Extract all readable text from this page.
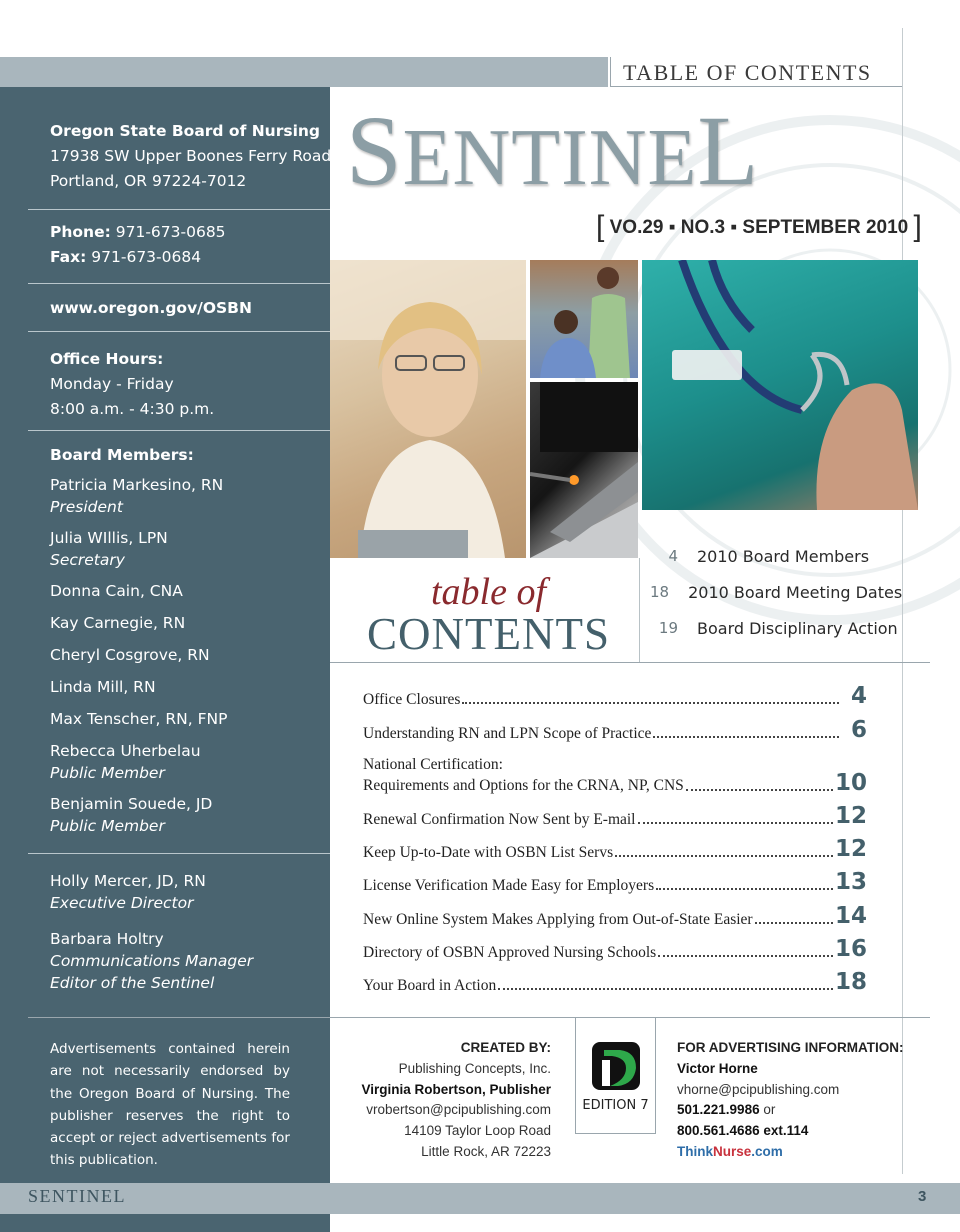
TABLE OF CONTENTS
Oregon State Board of Nursing
17938 SW Upper Boones Ferry Road
Portland, OR 97224-7012
Phone: 971-673-0685
Fax: 971-673-0684
www.oregon.gov/OSBN
Office Hours:
Monday - Friday
8:00 a.m. - 4:30 p.m.
Board Members:
Patricia Markesino, RN
President
Julia WIllis, LPN
Secretary
Donna Cain, CNA
Kay Carnegie, RN
Cheryl Cosgrove, RN
Linda Mill, RN
Max Tenscher, RN, FNP
Rebecca Uherbelau
Public Member
Benjamin Souede, JD
Public Member
Holly Mercer, JD, RN
Executive Director
Barbara Holtry
Communications Manager
Editor of the Sentinel
Advertisements contained herein are not necessarily endorsed by the Oregon Board of Nursing. The publisher reserves the right to accept or reject advertisements for this publication.
SENTINEL
[ VO.29 ▪ NO.3 ▪ SEPTEMBER 2010 ]
table of
CONTENTS
4 2010 Board Members
18 2010 Board Meeting Dates
19 Board Disciplinary Action
Office Closures	4
Understanding RN and LPN Scope of Practice	6
National Certification:
Requirements and Options for the CRNA, NP, CNS	10
Renewal Confirmation Now Sent by E-mail	12
Keep Up-to-Date with OSBN List Servs	12
License Verification Made Easy for Employers	13
New Online System Makes Applying from Out-of-State Easier	14
Directory of OSBN Approved Nursing Schools	16
Your Board in Action	18
CREATED BY:
Publishing Concepts, Inc.
Virginia Robertson, Publisher
vrobertson@pcipublishing.com
14109 Taylor Loop Road
Little Rock, AR 72223
EDITION 7
FOR ADVERTISING INFORMATION:
Victor Horne
vhorne@pcipublishing.com
501.221.9986 or
800.561.4686 ext.114
ThinkNurse.com
SENTINEL	3
